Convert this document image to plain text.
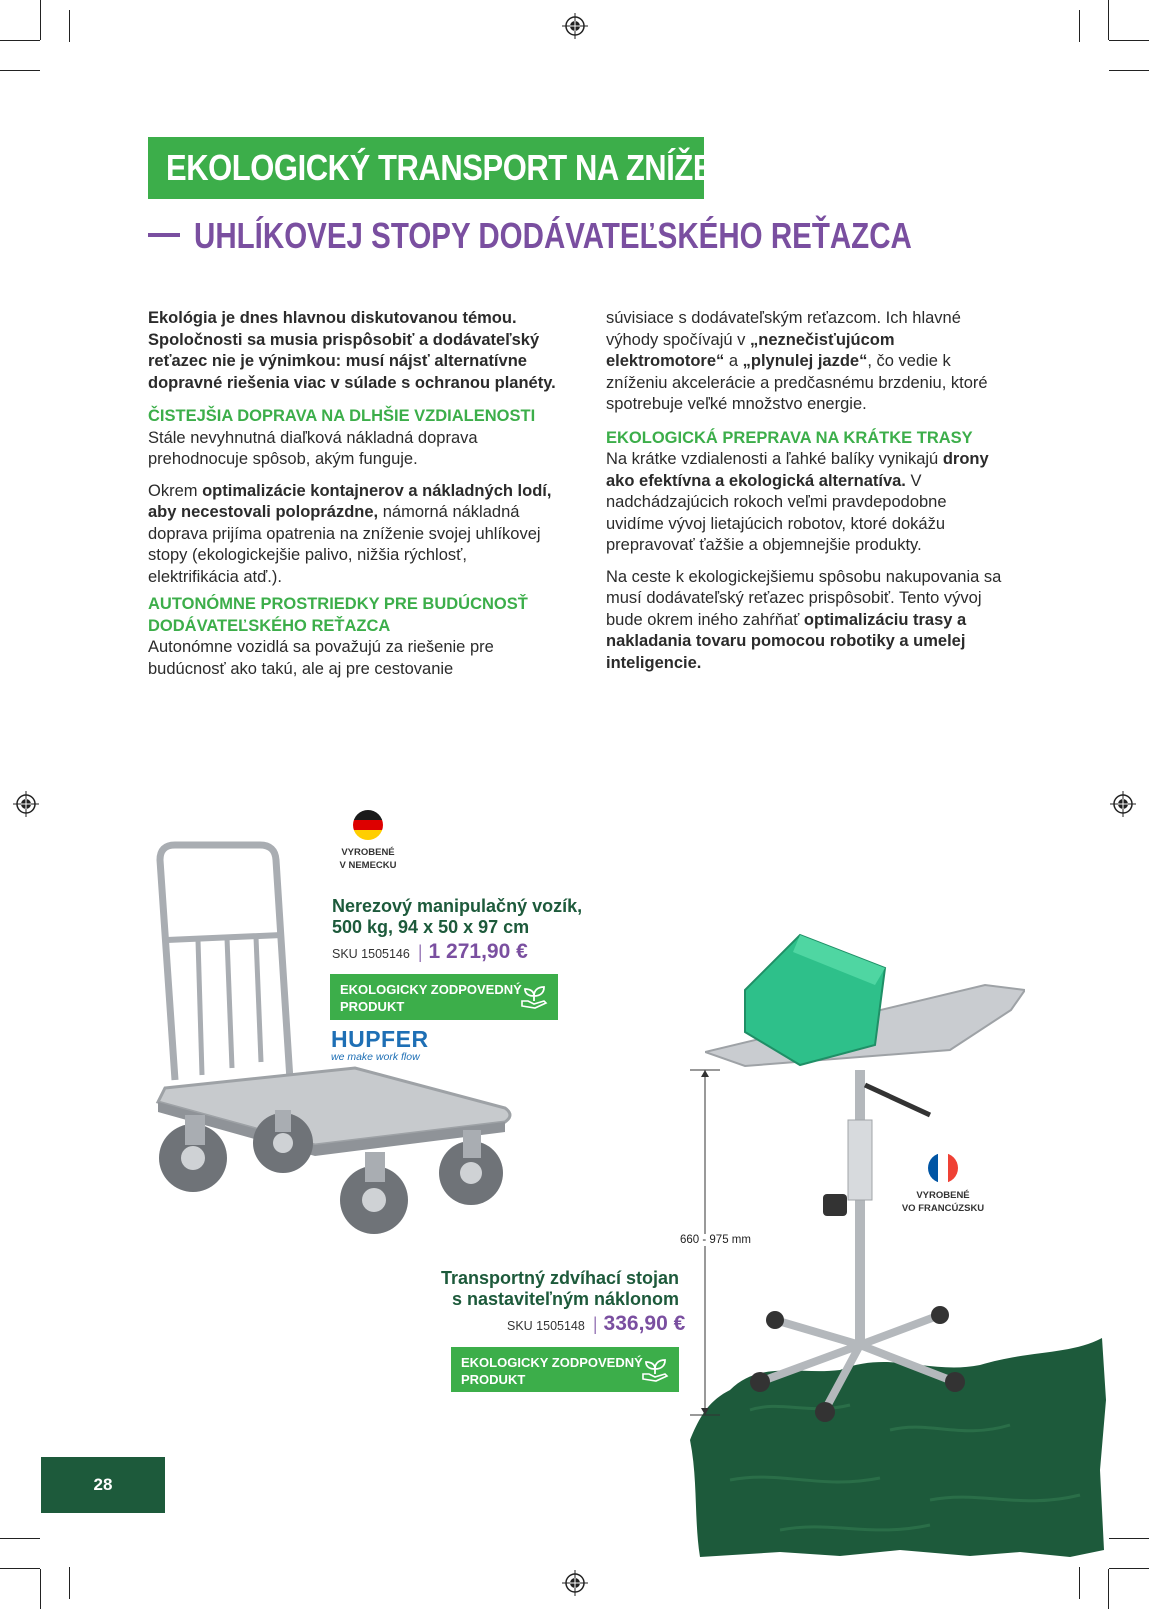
EKOLOGICKÝ TRANSPORT NA ZNÍŽENIE
UHLÍKOVEJ STOPY DODÁVATEĽSKÉHO REŤAZCA

Ekológia je dnes hlavnou diskutovanou témou. Spoločnosti sa musia prispôsobiť a dodávateľský reťazec nie je výnimkou: musí nájsť alternatívne dopravné riešenia viac v súlade s ochranou planéty.

ČISTEJŠIA DOPRAVA NA DLHŠIE VZDIALENOSTI

Stále nevyhnutná diaľková nákladná doprava prehodnocuje spôsob, akým funguje.

Okrem optimalizácie kontajnerov a nákladných lodí, aby necestovali poloprázdne, námorná nákladná doprava prijíma opatrenia na zníženie svojej uhlíkovej stopy (ekologickejšie palivo, nižšia rýchlosť, elektrifikácia atď.).

AUTONÓMNE PROSTRIEDKY PRE BUDÚCNOSŤ DODÁVATEĽSKÉHO REŤAZCA

Autonómne vozidlá sa považujú za riešenie pre budúcnosť ako takú, ale aj pre cestovanie

súvisiace s dodávateľským reťazcom. Ich hlavné výhody spočívajú v „neznečisťujúcom elektromotore“ a „plynulej jazde“, čo vedie k zníženiu akcelerácie a predčasnému brzdeniu, ktoré spotrebuje veľké množstvo energie.

EKOLOGICKÁ PREPRAVA NA KRÁTKE TRASY

Na krátke vzdialenosti a ľahké balíky vynikajú drony ako efektívna a ekologická alternatíva. V nadchádzajúcich rokoch veľmi pravdepodobne uvidíme vývoj lietajúcich robotov, ktoré dokážu prepravovať ťažšie a objemnejšie produkty.

Na ceste k ekologickejšiemu spôsobu nakupovania sa musí dodávateľský reťazec prispôsobiť. Tento vývoj bude okrem iného zahŕňať optimalizáciu trasy a nakladania tovaru pomocou robotiky a umelej inteligencie.

660 - 975 mm
VYROBENÉ
V NEMECKU
Nerezový manipulačný vozík,
500 kg, 94 x 50 x 97 cm
SKU 1505146 | 1 271,90 €
EKOLOGICKY ZODPOVEDNÝ
PRODUKT
HUPFER
we make work flow
VYROBENÉ
VO FRANCÚZSKU
Transportný zdvíhací stojan
s nastaviteľným náklonom
SKU 1505148 | 336,90 €
EKOLOGICKY ZODPOVEDNÝ
PRODUKT
28
